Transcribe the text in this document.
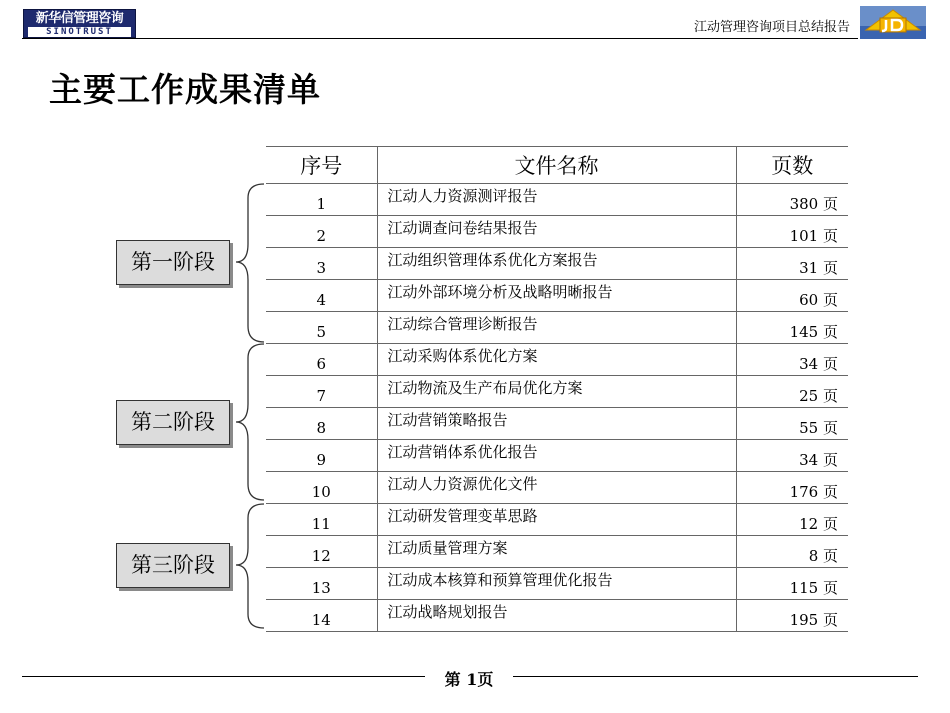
新华信管理咨询
SINOTRUST	江动管理咨询项目总结报告
主要工作成果清单
第一阶段
第二阶段
第三阶段
序号	文件名称	页数
1	江动人力资源测评报告	380 页
2	江动调查问卷结果报告	101 页
3	江动组织管理体系优化方案报告	31 页
4	江动外部环境分析及战略明晰报告	60 页
5	江动综合管理诊断报告	145 页
6	江动采购体系优化方案	34 页
7	江动物流及生产布局优化方案	25 页
8	江动营销策略报告	55 页
9	江动营销体系优化报告	34 页
10	江动人力资源优化文件	176 页
11	江动研发管理变革思路	12 页
12	江动质量管理方案	8 页
13	江动成本核算和预算管理优化报告	115 页
14	江动战略规划报告	195 页
第 1页
